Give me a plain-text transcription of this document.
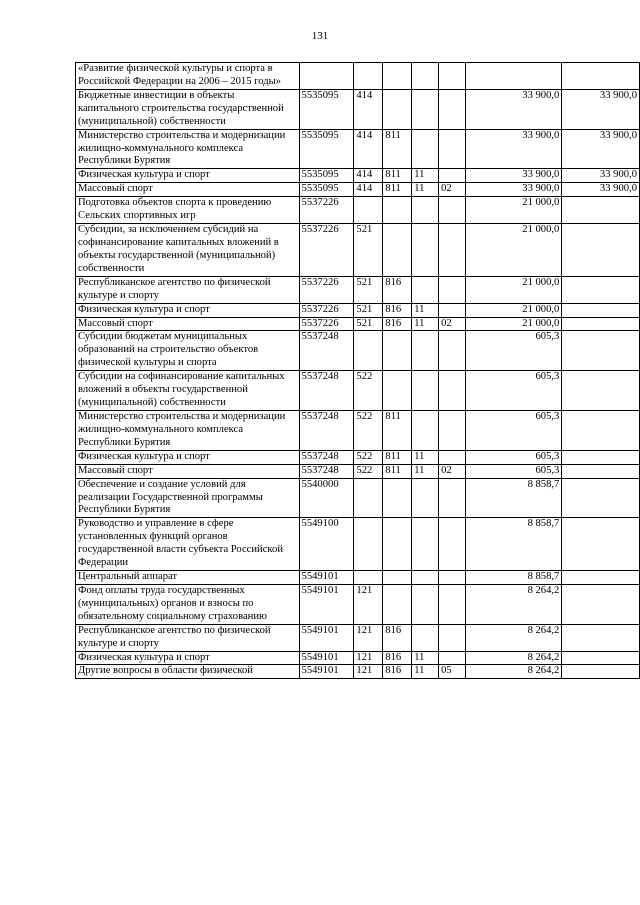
131
«Развитие физической культуры и спорта в Российской Федерации на 2006 – 2015 годы»							
Бюджетные инвестиции в объекты капитального строительства государственной (муниципальной) собственности	5535095	414				33 900,0	33 900,0
Министерство строительства и модернизации жилищно-коммунального комплекса Республики Бурятия	5535095	414	811			33 900,0	33 900,0
Физическая культура и спорт	5535095	414	811	11		33 900,0	33 900,0
Массовый спорт	5535095	414	811	11	02	33 900,0	33 900,0
Подготовка объектов спорта к проведению Сельских спортивных игр	5537226					21 000,0	
Субсидии, за исключением субсидий на софинансирование капитальных вложений в объекты государственной (муниципальной) собственности	5537226	521				21 000,0	
Республиканское агентство по физической культуре и спорту	5537226	521	816			21 000,0	
Физическая культура и спорт	5537226	521	816	11		21 000,0	
Массовый спорт	5537226	521	816	11	02	21 000,0	
Субсидии бюджетам муниципальных образований на строительство объектов физической культуры и спорта	5537248					605,3	
Субсидии на софинансирование капитальных вложений в объекты государственной (муниципальной) собственности	5537248	522				605,3	
Министерство строительства и модернизации жилищно-коммунального комплекса Республики Бурятия	5537248	522	811			605,3	
Физическая культура и спорт	5537248	522	811	11		605,3	
Массовый спорт	5537248	522	811	11	02	605,3	
Обеспечение и создание условий для реализации Государственной программы Республики Бурятия	5540000					8 858,7	
Руководство и управление в сфере установленных функций органов государственной власти субъекта Российской Федерации	5549100					8 858,7	
Центральный аппарат	5549101					8 858,7	
Фонд оплаты труда государственных (муниципальных) органов и взносы по обязательному социальному страхованию	5549101	121				8 264,2	
Республиканское агентство по физической культуре и спорту	5549101	121	816			8 264,2	
Физическая культура и спорт	5549101	121	816	11		8 264,2	
Другие вопросы в области физической	5549101	121	816	11	05	8 264,2	
